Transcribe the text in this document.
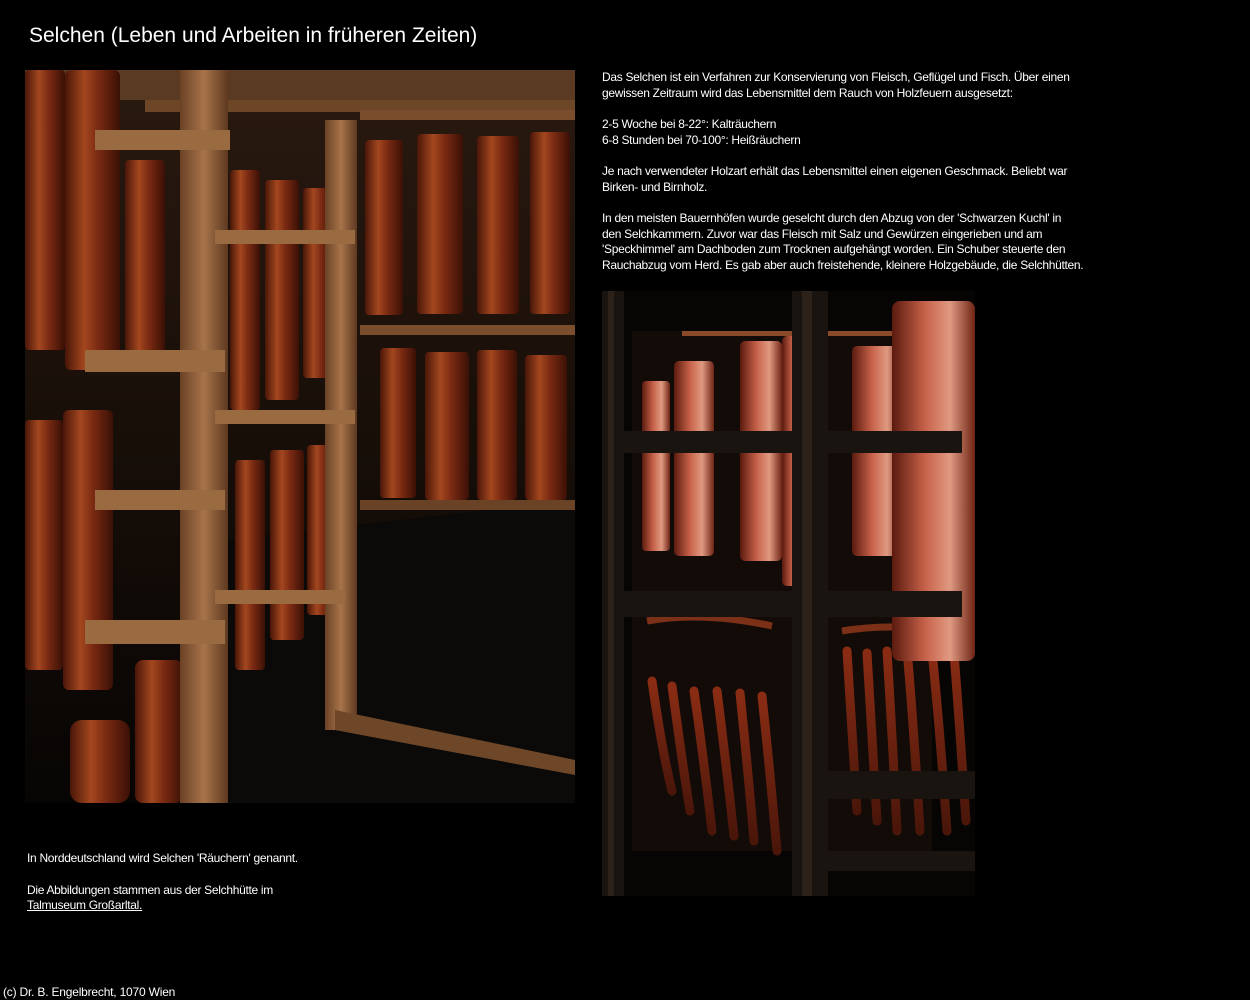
Selchen (Leben und Arbeiten in früheren Zeiten)

Das Selchen ist ein Verfahren zur Konservierung von Fleisch, Geflügel und Fisch. Über einen
gewissen Zeitraum wird das Lebensmittel dem Rauch von Holzfeuern ausgesetzt:

2-5 Woche bei 8-22°: Kalträuchern
6-8 Stunden bei 70-100°: Heißräuchern

Je nach verwendeter Holzart erhält das Lebensmittel einen eigenen Geschmack. Beliebt war
Birken- und Birnholz.

In den meisten Bauernhöfen wurde geselcht durch den Abzug von der 'Schwarzen Kuchl' in
den Selchkammern. Zuvor war das Fleisch mit Salz und Gewürzen eingerieben und am
'Speckhimmel' am Dachboden zum Trocknen aufgehängt worden. Ein Schuber steuerte den
Rauchabzug vom Herd. Es gab aber auch freistehende, kleinere Holzgebäude, die Selchhütten.

In Norddeutschland wird Selchen 'Räuchern' genannt.

Die Abbildungen stammen aus der Selchhütte im
Talmuseum Großarltal.

(c) Dr. B. Engelbrecht, 1070 Wien
